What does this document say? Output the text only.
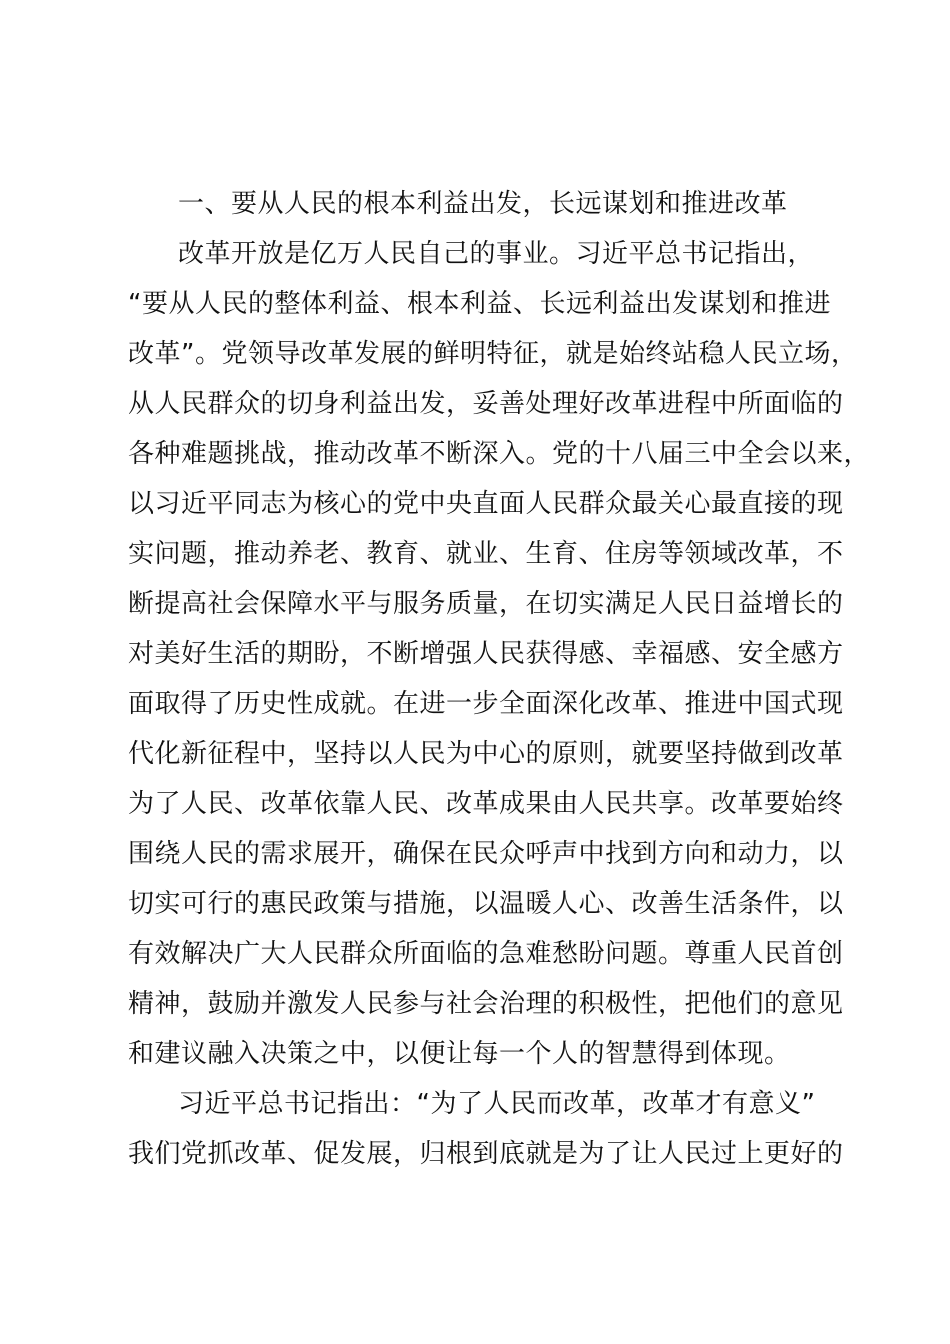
一、要从人民的根本利益出发，长远谋划和推进改革
改革开放是亿万人民自己的事业。习近平总书记指出，
“要从人民的整体利益、根本利益、长远利益出发谋划和推进
改革”。党领导改革发展的鲜明特征，就是始终站稳人民立场，
从人民群众的切身利益出发，妥善处理好改革进程中所面临的
各种难题挑战，推动改革不断深入。党的十八届三中全会以来，
以习近平同志为核心的党中央直面人民群众最关心最直接的现
实问题，推动养老、教育、就业、生育、住房等领域改革，不
断提高社会保障水平与服务质量，在切实满足人民日益增长的
对美好生活的期盼，不断增强人民获得感、幸福感、安全感方
面取得了历史性成就。在进一步全面深化改革、推进中国式现
代化新征程中，坚持以人民为中心的原则，就要坚持做到改革
为了人民、改革依靠人民、改革成果由人民共享。改革要始终
围绕人民的需求展开，确保在民众呼声中找到方向和动力，以
切实可行的惠民政策与措施，以温暖人心、改善生活条件，以
有效解决广大人民群众所面临的急难愁盼问题。尊重人民首创
精神，鼓励并激发人民参与社会治理的积极性，把他们的意见
和建议融入决策之中，以便让每一个人的智慧得到体现。
习近平总书记指出：“为了人民而改革，改革才有意义”
我们党抓改革、促发展，归根到底就是为了让人民过上更好的
